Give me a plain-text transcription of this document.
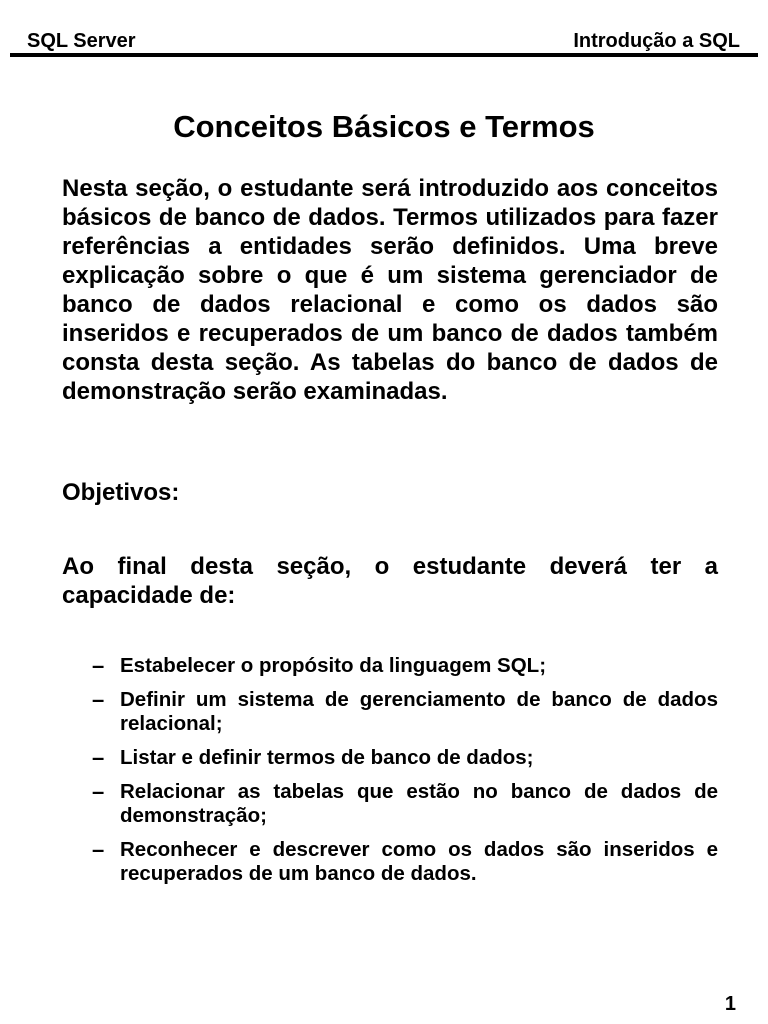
SQL Server	Introdução a SQL
Conceitos Básicos e Termos

Nesta seção, o estudante será introduzido aos conceitos básicos de banco de dados. Termos utilizados para fazer referências a entidades serão definidos. Uma breve explicação sobre o que é um sistema gerenciador de banco de dados relacional e como os dados são inseridos e recuperados de um banco de dados também consta desta seção. As tabelas do banco de dados de demonstração serão examinadas.

Objetivos:

Ao final desta seção, o estudante deverá ter a capacidade de:

– Estabelecer o propósito da linguagem SQL;
– Definir um sistema de gerenciamento de banco de dados relacional;
– Listar e definir termos de banco de dados;
– Relacionar as tabelas que estão no banco de dados de demonstração;
– Reconhecer e descrever como os dados são inseridos e recuperados de um banco de dados.
1
